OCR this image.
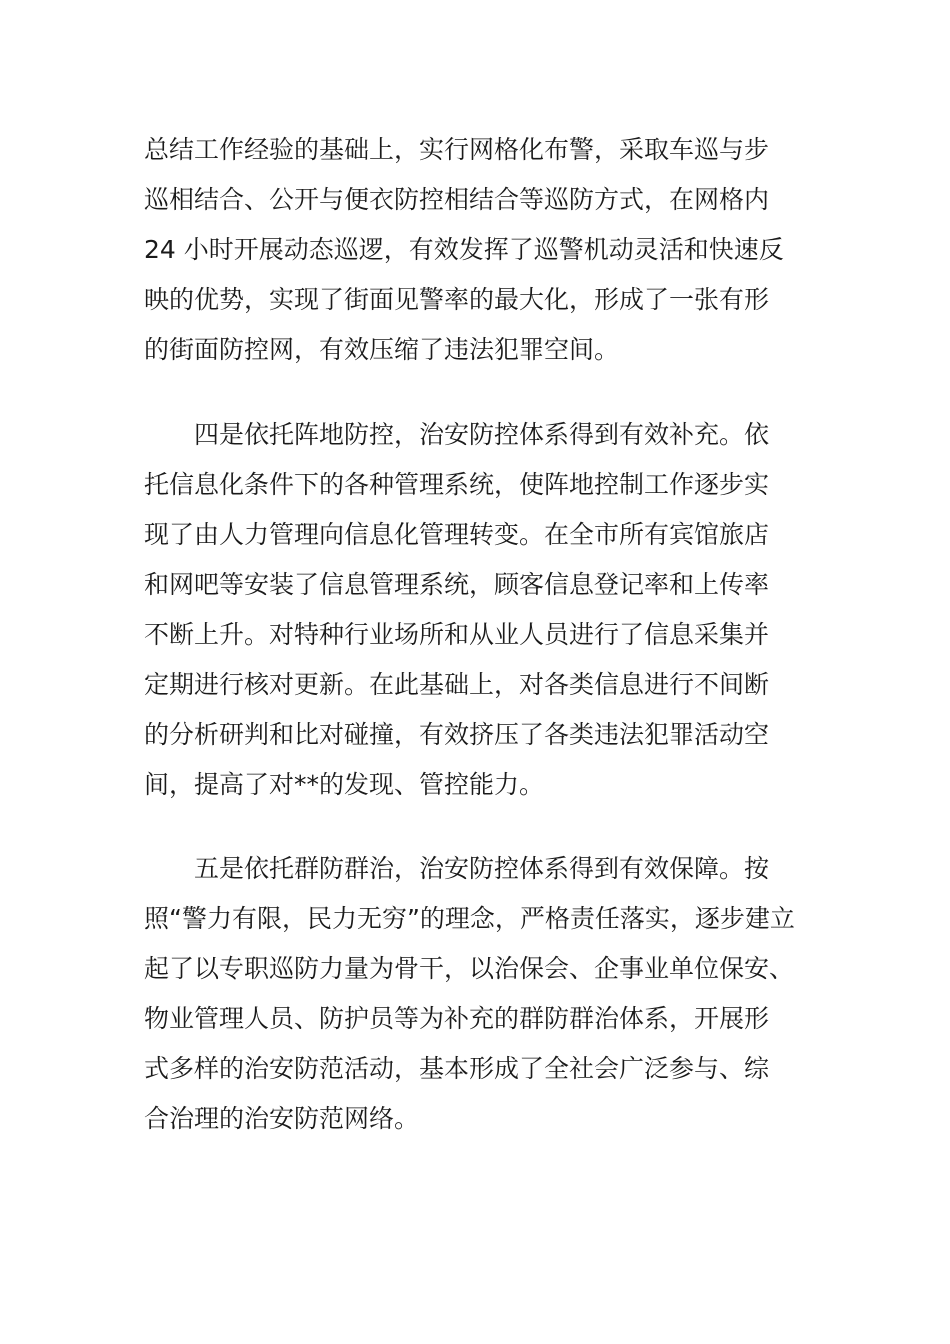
总结工作经验的基础上，实行网格化布警，采取车巡与步
巡相结合、公开与便衣防控相结合等巡防方式，在网格内
24 小时开展动态巡逻，有效发挥了巡警机动灵活和快速反
映的优势，实现了街面见警率的最大化，形成了一张有形
的街面防控网，有效压缩了违法犯罪空间。
四是依托阵地防控，治安防控体系得到有效补充。依
托信息化条件下的各种管理系统，使阵地控制工作逐步实
现了由人力管理向信息化管理转变。在全市所有宾馆旅店
和网吧等安装了信息管理系统，顾客信息登记率和上传率
不断上升。对特种行业场所和从业人员进行了信息采集并
定期进行核对更新。在此基础上，对各类信息进行不间断
的分析研判和比对碰撞，有效挤压了各类违法犯罪活动空
间，提高了对**的发现、管控能力。
五是依托群防群治，治安防控体系得到有效保障。按
照“警力有限，民力无穷”的理念，严格责任落实，逐步建立
起了以专职巡防力量为骨干，以治保会、企事业单位保安、
物业管理人员、防护员等为补充的群防群治体系，开展形
式多样的治安防范活动，基本形成了全社会广泛参与、综
合治理的治安防范网络。
